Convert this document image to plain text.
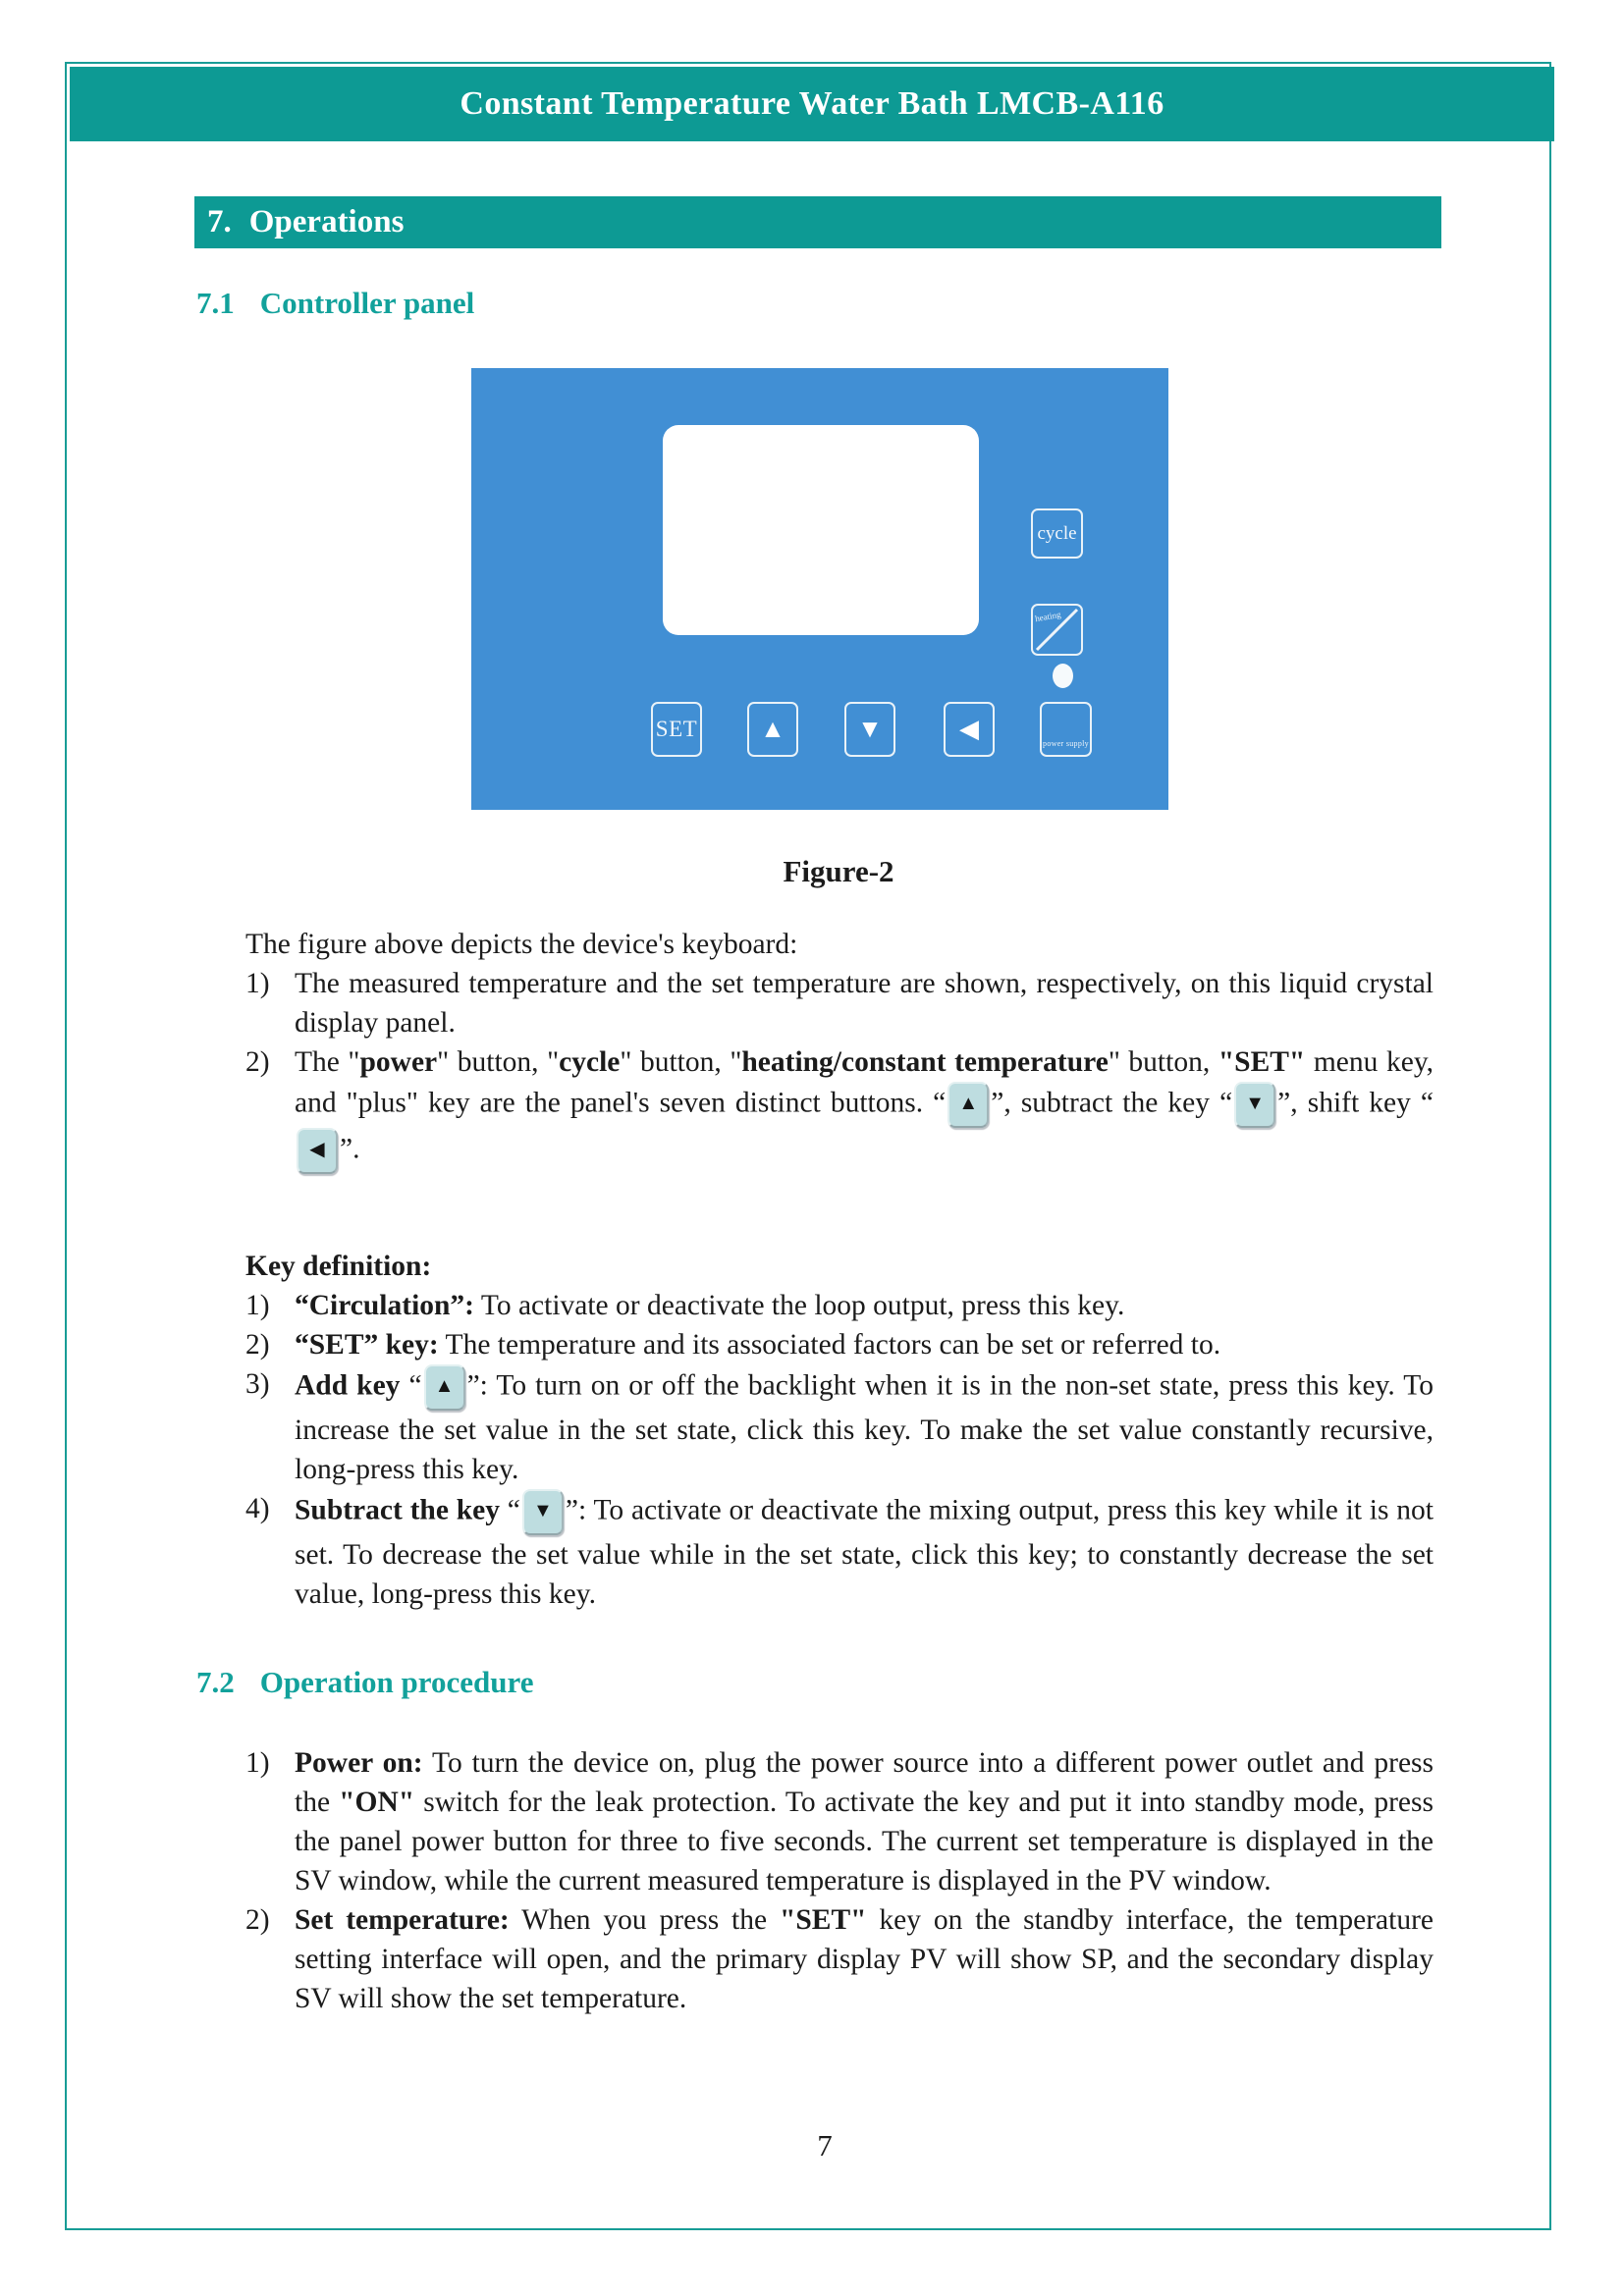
Constant Temperature Water Bath LMCB-A116
7. Operations
7.1 Controller panel
cycle
heating
power supply
SET ▲	▼	◀
Figure-2
The figure above depicts the device's keyboard:
1) The measured temperature and the set temperature are shown, respectively, on this liquid crystal display panel.
2) The "power" button, "cycle" button, "heating/constant temperature" button, "SET" menu key, and "plus" key are the panel's seven distinct buttons. “ ▲ ”, subtract the key “ ▼ ”, shift key “◀ ”.
Key definition:
1) “Circulation”: To activate or deactivate the loop output, press this key.
2) “SET” key: The temperature and its associated factors can be set or referred to.
3) Add key “ ▲ ”: To turn on or off the backlight when it is in the non-set state, press this key. To increase the set value in the set state, click this key. To make the set value constantly recursive, long-press this key.
4) Subtract the key “ ▼ ”: To activate or deactivate the mixing output, press this key while it is not set. To decrease the set value while in the set state, click this key; to constantly decrease the set value, long-press this key.
7.2 Operation procedure
1) Power on: To turn the device on, plug the power source into a different power outlet and press the "ON" switch for the leak protection. To activate the key and put it into standby mode, press the panel power button for three to five seconds. The current set temperature is displayed in the SV window, while the current measured temperature is displayed in the PV window.
2) Set temperature: When you press the "SET" key on the standby interface, the temperature setting interface will open, and the primary display PV will show SP, and the secondary display SV will show the set temperature.
7
